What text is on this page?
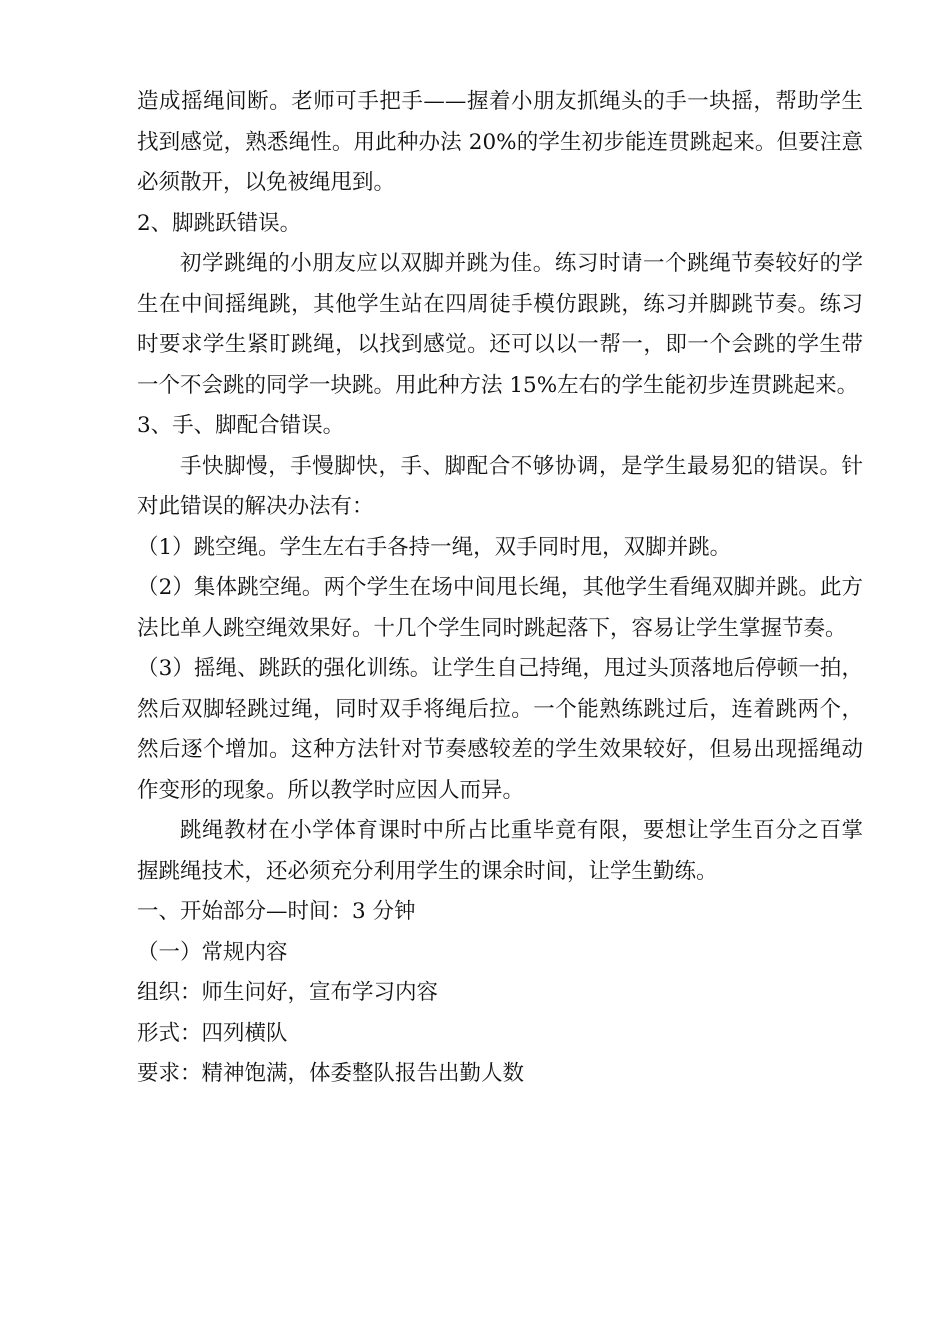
造成摇绳间断。老师可手把手——握着小朋友抓绳头的手一块摇，帮助学生找到感觉，熟悉绳性。用此种办法 20%的学生初步能连贯跳起来。但要注意必须散开，以免被绳甩到。

2、脚跳跃错误。

初学跳绳的小朋友应以双脚并跳为佳。练习时请一个跳绳节奏较好的学生在中间摇绳跳，其他学生站在四周徒手模仿跟跳，练习并脚跳节奏。练习时要求学生紧盯跳绳，以找到感觉。还可以以一帮一，即一个会跳的学生带一个不会跳的同学一块跳。用此种方法 15%左右的学生能初步连贯跳起来。

3、手、脚配合错误。

手快脚慢，手慢脚快，手、脚配合不够协调，是学生最易犯的错误。针对此错误的解决办法有：

（1）跳空绳。学生左右手各持一绳，双手同时甩，双脚并跳。

（2）集体跳空绳。两个学生在场中间甩长绳，其他学生看绳双脚并跳。此方法比单人跳空绳效果好。十几个学生同时跳起落下，容易让学生掌握节奏。

（3）摇绳、跳跃的强化训练。让学生自己持绳，甩过头顶落地后停顿一拍，然后双脚轻跳过绳，同时双手将绳后拉。一个能熟练跳过后，连着跳两个，然后逐个增加。这种方法针对节奏感较差的学生效果较好，但易出现摇绳动作变形的现象。所以教学时应因人而异。

跳绳教材在小学体育课时中所占比重毕竟有限，要想让学生百分之百掌握跳绳技术，还必须充分利用学生的课余时间，让学生勤练。

一、开始部分—时间：3 分钟

（一）常规内容

组织：师生问好，宣布学习内容

形式：四列横队

要求：精神饱满，体委整队报告出勤人数
